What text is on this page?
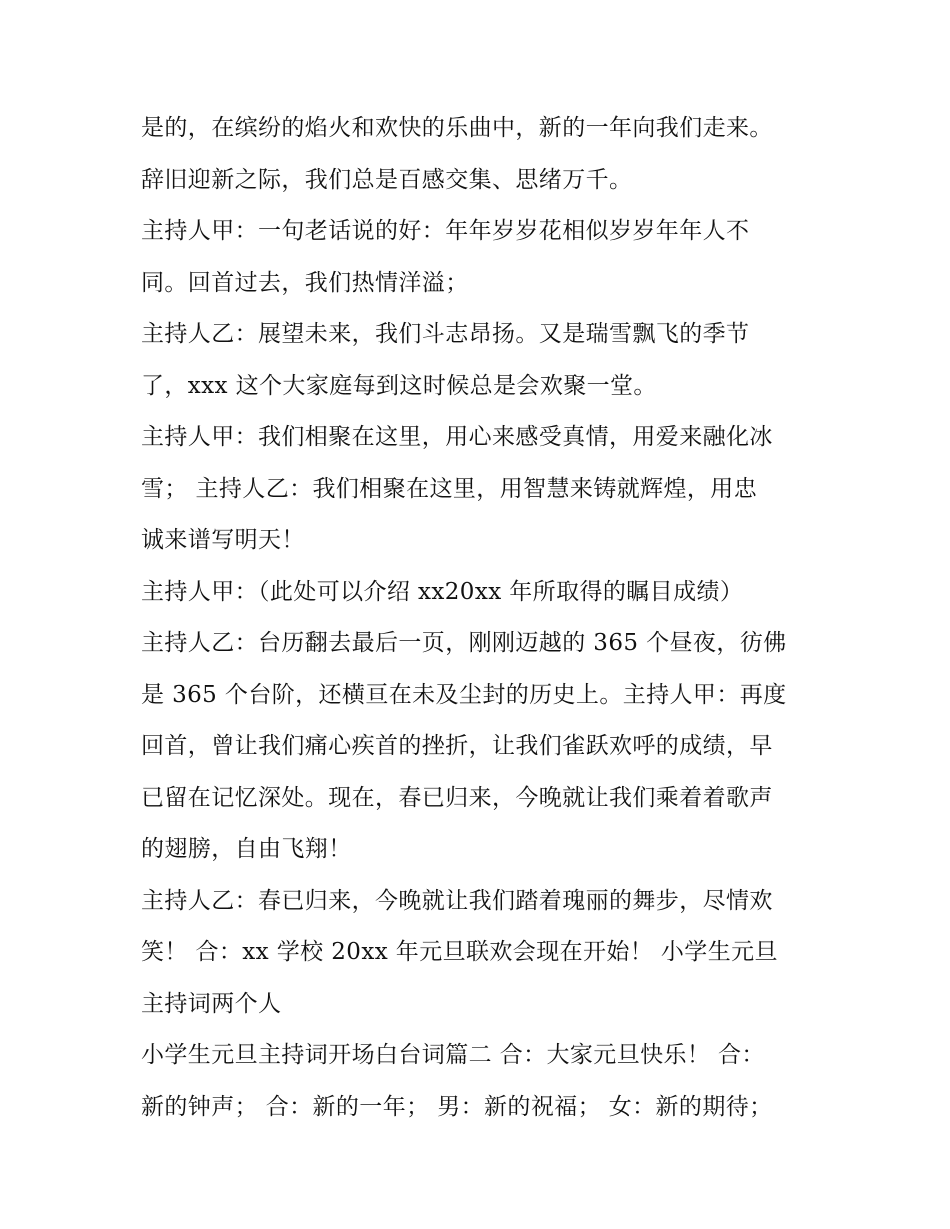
是的，在缤纷的焰火和欢快的乐曲中，新的一年向我们走来。
辞旧迎新之际，我们总是百感交集、思绪万千。
主持人甲：一句老话说的好：年年岁岁花相似岁岁年年人不
同。回首过去，我们热情洋溢；
主持人乙：展望未来，我们斗志昂扬。又是瑞雪飘飞的季节
了，xxx 这个大家庭每到这时候总是会欢聚一堂。
主持人甲：我们相聚在这里，用心来感受真情，用爱来融化冰
雪； 主持人乙：我们相聚在这里，用智慧来铸就辉煌，用忠
诚来谱写明天！
主持人甲：（此处可以介绍 xx20xx 年所取得的瞩目成绩）
主持人乙：台历翻去最后一页，刚刚迈越的 365 个昼夜，彷佛
是 365 个台阶，还横亘在未及尘封的历史上。主持人甲：再度
回首，曾让我们痛心疾首的挫折，让我们雀跃欢呼的成绩，早
已留在记忆深处。现在，春已归来，今晚就让我们乘着着歌声
的翅膀，自由飞翔！
主持人乙：春已归来，今晚就让我们踏着瑰丽的舞步，尽情欢
笑！ 合：xx 学校 20xx 年元旦联欢会现在开始！ 小学生元旦
主持词两个人
小学生元旦主持词开场白台词篇二 合：大家元旦快乐！ 合：
新的钟声； 合：新的一年； 男：新的祝福； 女：新的期待；
